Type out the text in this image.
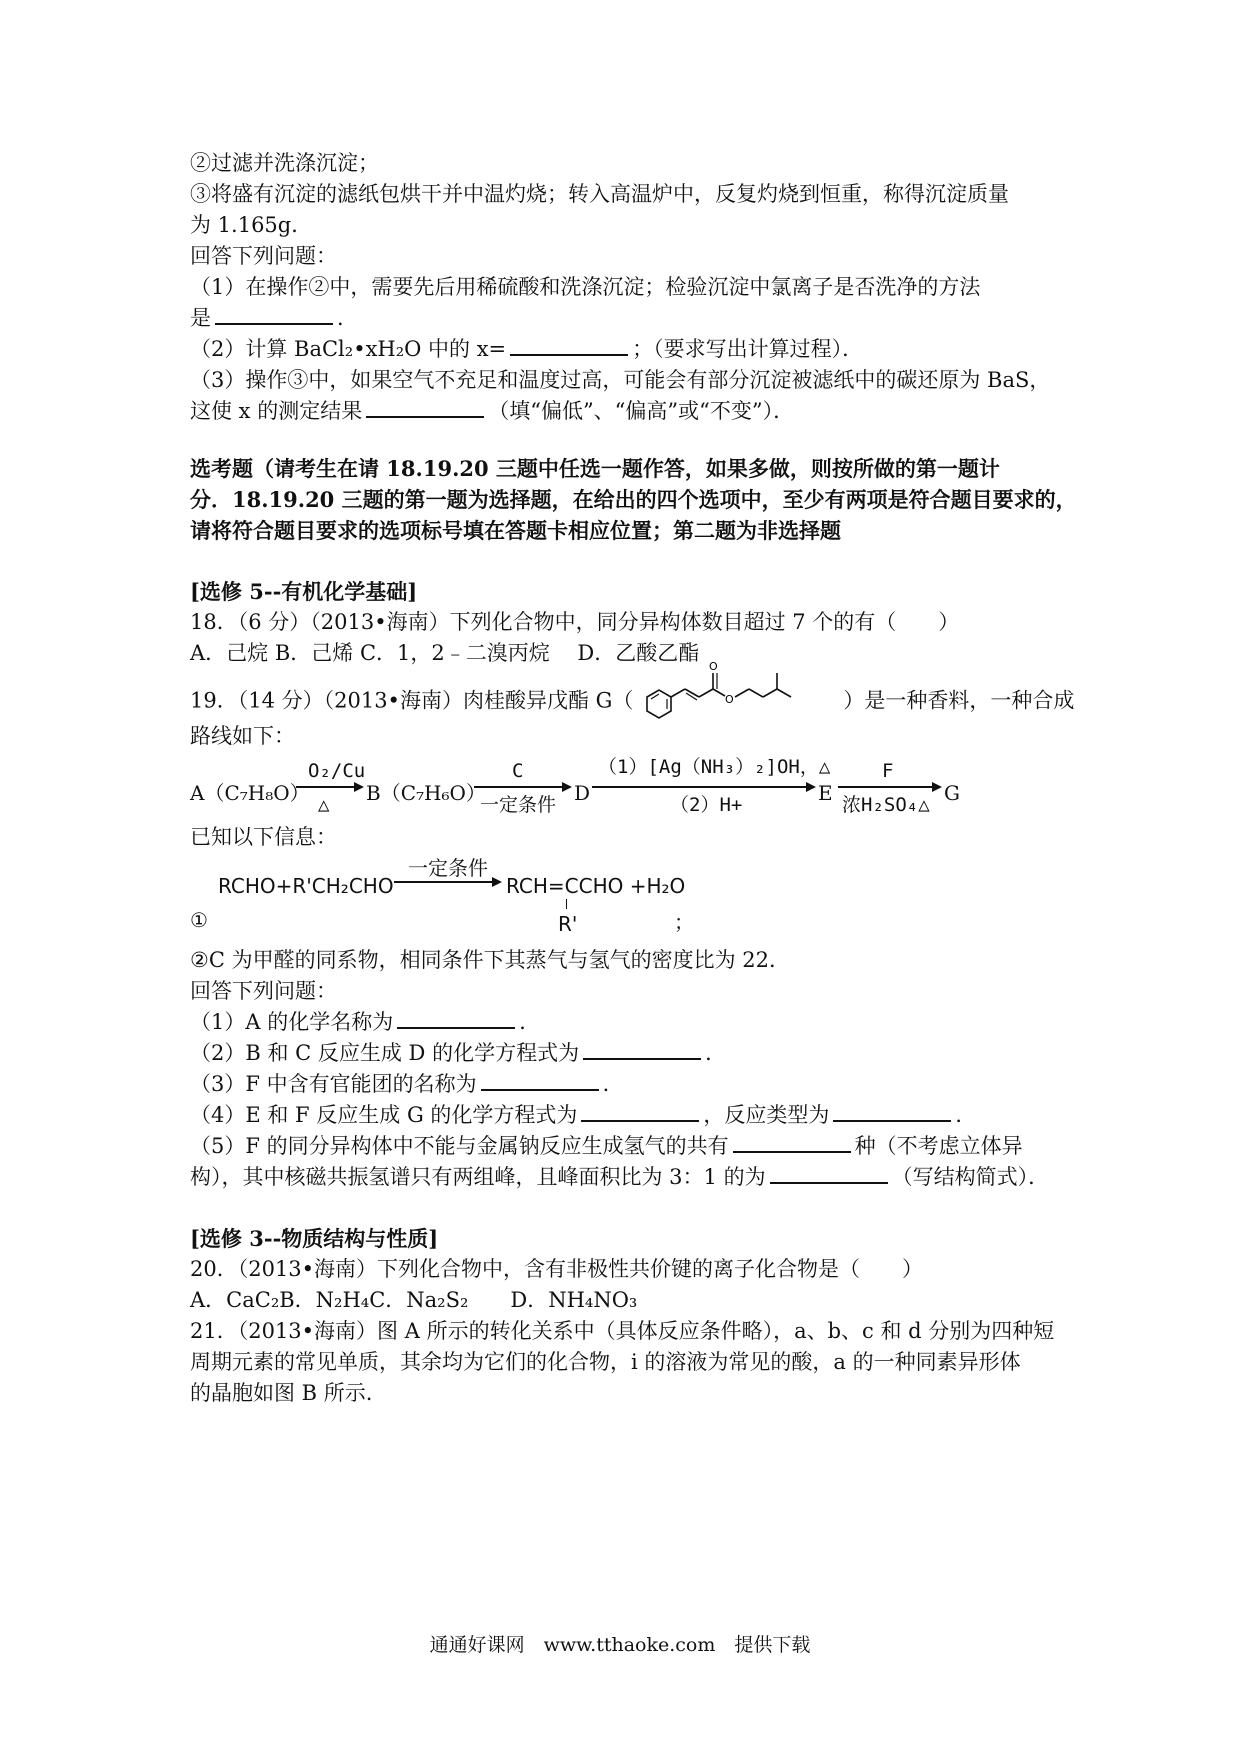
②过滤并洗涤沉淀；
③将盛有沉淀的滤纸包烘干并中温灼烧；转入高温炉中，反复灼烧到恒重，称得沉淀质量
为 1.165g．
回答下列问题：
（1）在操作②中，需要先后用稀硫酸和洗涤沉淀；检验沉淀中氯离子是否洗净的方法
是	．
（2）计算 BaCl₂•xH₂O 中的 x=	；（要求写出计算过程）．
（3）操作③中，如果空气不充足和温度过高，可能会有部分沉淀被滤纸中的碳还原为 BaS，
这使 x 的测定结果	（填“偏低”、“偏高”或“不变”）．
选考题（请考生在请 18.19.20 三题中任选一题作答，如果多做，则按所做的第一题计
分．18.19.20 三题的第一题为选择题，在给出的四个选项中，至少有两项是符合题目要求的，
请将符合题目要求的选项标号填在答题卡相应位置；第二题为非选择题
[选修 5--有机化学基础]
18．（6 分）（2013•海南）下列化合物中，同分异构体数目超过 7 个的有（　　）
A．己烷 B．己烯 C．1，2﹣二溴丙烷　 D．乙酸乙酯
19．（14 分）（2013•海南）肉桂酸异戊酯 G（
O
O	）是一种香料，一种合成
路线如下：
A（C₇H₈O）
O₂/Cu
△ B（C₇H₆O）
C
一定条件 D
（1）[Ag（NH₃）₂]OH，△
（2）H+	E
F
浓H₂SO₄△ G
已知以下信息：
RCHO+R'CH₂CHO
一定条件
RCH=CCHO +H₂O
R'
①	；
②C 为甲醛的同系物，相同条件下其蒸气与氢气的密度比为 22．
回答下列问题：
（1）A 的化学名称为	．
（2）B 和 C 反应生成 D 的化学方程式为	．
（3）F 中含有官能团的名称为	．
（4）E 和 F 反应生成 G 的化学方程式为	，反应类型为	．
（5）F 的同分异构体中不能与金属钠反应生成氢气的共有	种（不考虑立体异
构），其中核磁共振氢谱只有两组峰，且峰面积比为 3：1 的为	（写结构简式）．
[选修 3--物质结构与性质]
20．（2013•海南）下列化合物中，含有非极性共价键的离子化合物是（　　）
A．CaC₂B．N₂H₄C．Na₂S₂　　D．NH₄NO₃
21．（2013•海南）图 A 所示的转化关系中（具体反应条件略），a、b、c 和 d 分别为四种短
周期元素的常见单质，其余均为它们的化合物，i 的溶液为常见的酸，a 的一种同素异形体
的晶胞如图 B 所示.
通通好课网　www.tthaoke.com　提供下载
